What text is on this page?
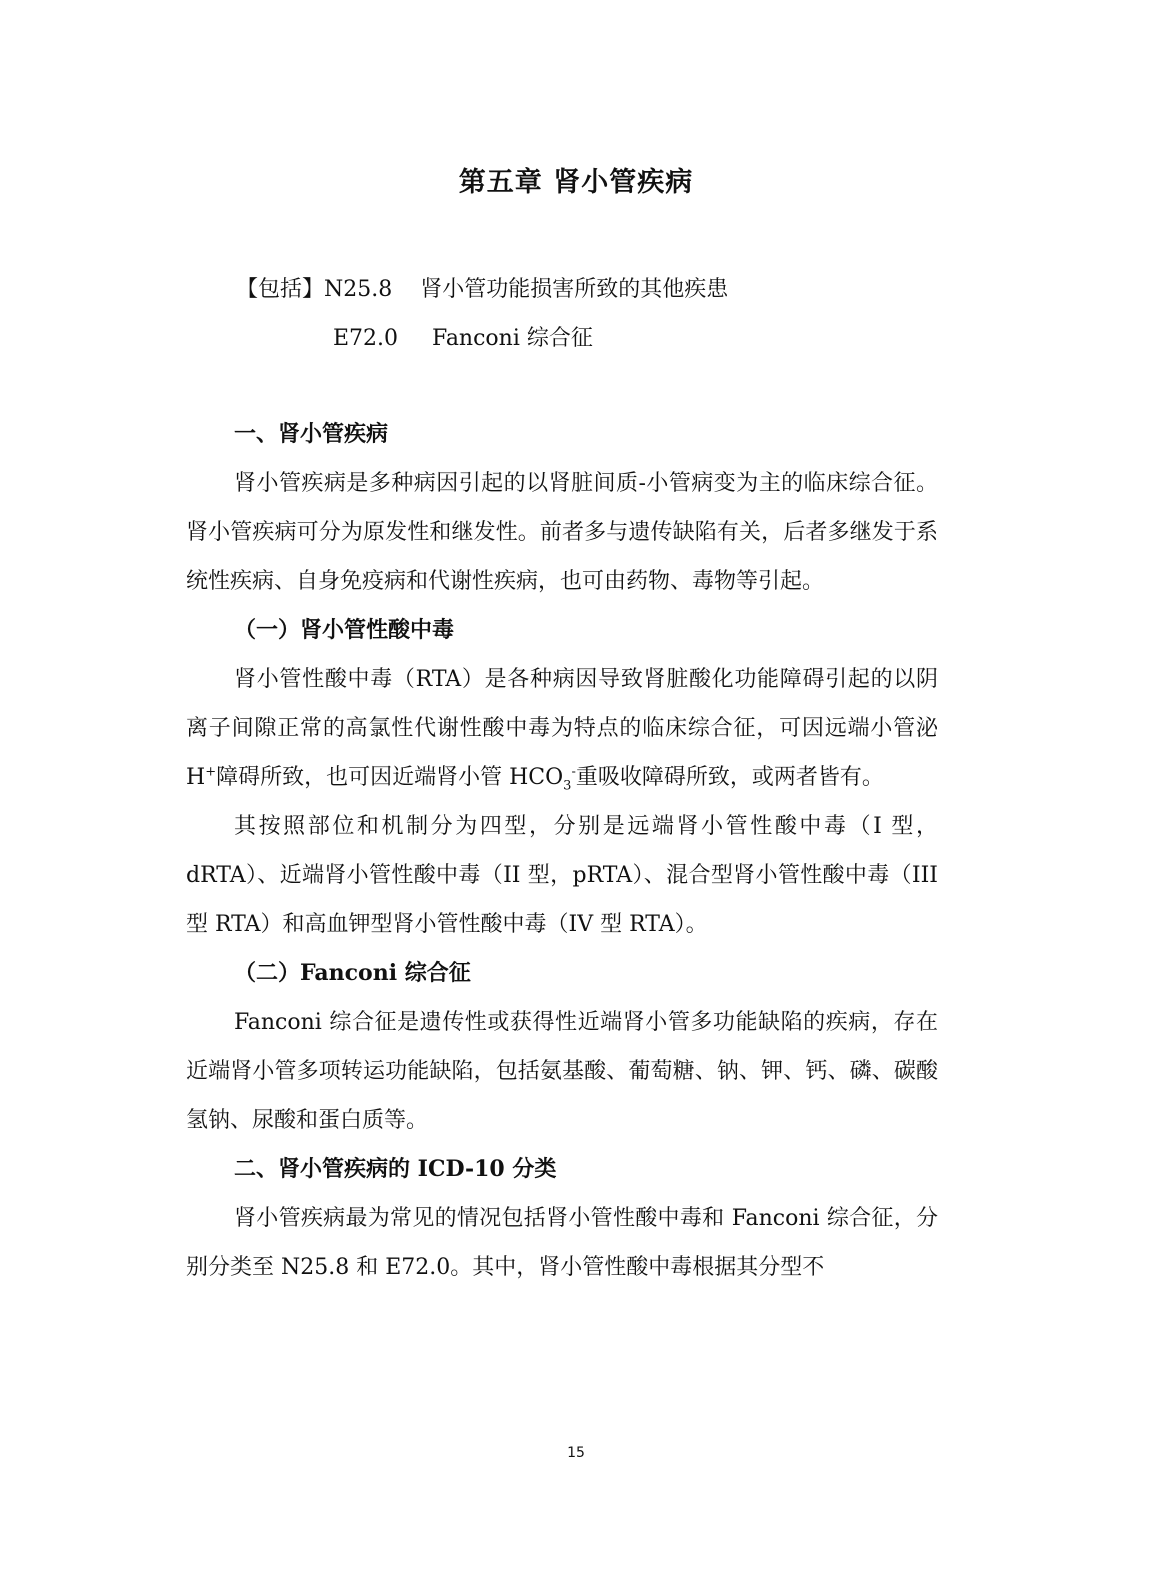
第五章 肾小管疾病
【包括】N25.8 肾小管功能损害所致的其他疾患
E72.0 Fanconi 综合征

一、肾小管疾病

肾小管疾病是多种病因引起的以肾脏间质-小管病变为主的临床综合征。肾小管疾病可分为原发性和继发性。前者多与遗传缺陷有关，后者多继发于系统性疾病、自身免疫病和代谢性疾病，也可由药物、毒物等引起。

（一）肾小管性酸中毒

肾小管性酸中毒（RTA）是各种病因导致肾脏酸化功能障碍引起的以阴离子间隙正常的高氯性代谢性酸中毒为特点的临床综合征，可因远端小管泌 H+障碍所致，也可因近端肾小管 $HCO_3^-$重吸收障碍所致，或两者皆有。

其按照部位和机制分为四型，分别是远端肾小管性酸中毒（I 型，dRTA）、近端肾小管性酸中毒（II 型，pRTA）、混合型肾小管性酸中毒（III 型 RTA）和高血钾型肾小管性酸中毒（IV 型 RTA）。

（二）Fanconi 综合征

Fanconi 综合征是遗传性或获得性近端肾小管多功能缺陷的疾病，存在近端肾小管多项转运功能缺陷，包括氨基酸、葡萄糖、钠、钾、钙、磷、碳酸氢钠、尿酸和蛋白质等。

二、肾小管疾病的 ICD-10 分类

肾小管疾病最为常见的情况包括肾小管性酸中毒和 Fanconi 综合征，分别分类至 N25.8 和 E72.0。其中，肾小管性酸中毒根据其分型不

15
